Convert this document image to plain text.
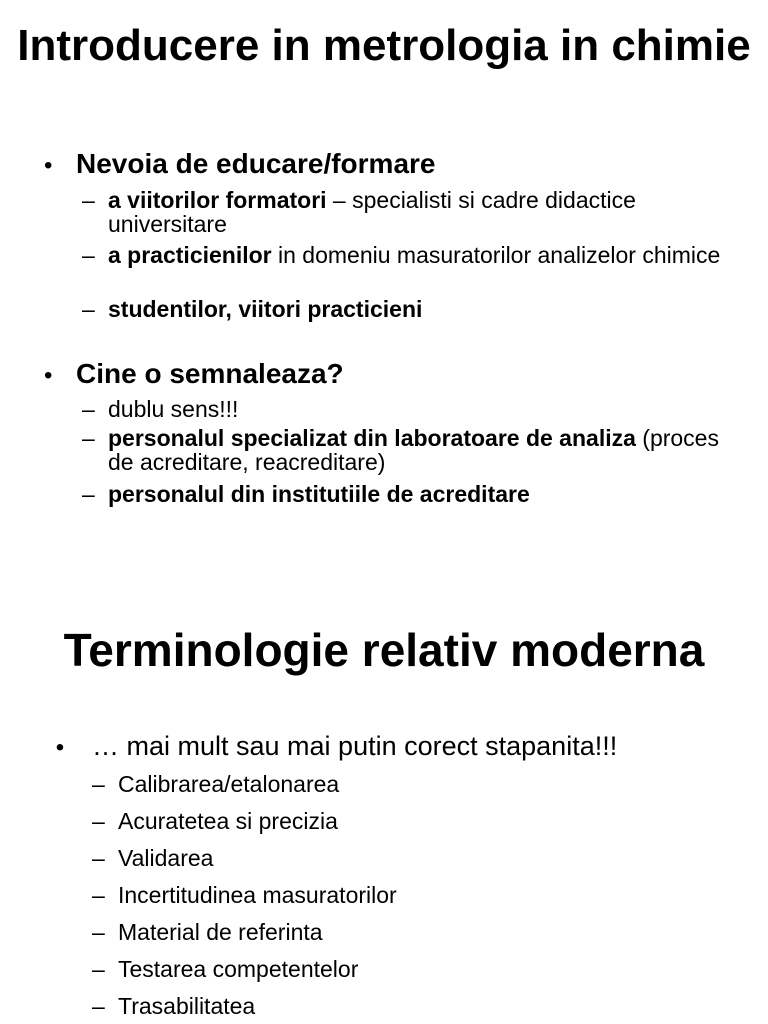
Introducere in metrologia in chimie
• Nevoia de educare/formare
– a viitorilor formatori – specialisti si cadre didactice universitare
– a practicienilor in domeniu masuratorilor analizelor chimice
– studentilor, viitori practicieni
• Cine o semnaleaza?
– dublu sens!!!
– personalul specializat din laboratoare de analiza (proces de acreditare, reacreditare)
– personalul din institutiile de acreditare
Terminologie relativ moderna
•	… mai mult sau mai putin corect stapanita!!!
– Calibrarea/etalonarea
– Acuratetea si precizia
– Validarea
– Incertitudinea masuratorilor
– Material de referinta
– Testarea competentelor
– Trasabilitatea
